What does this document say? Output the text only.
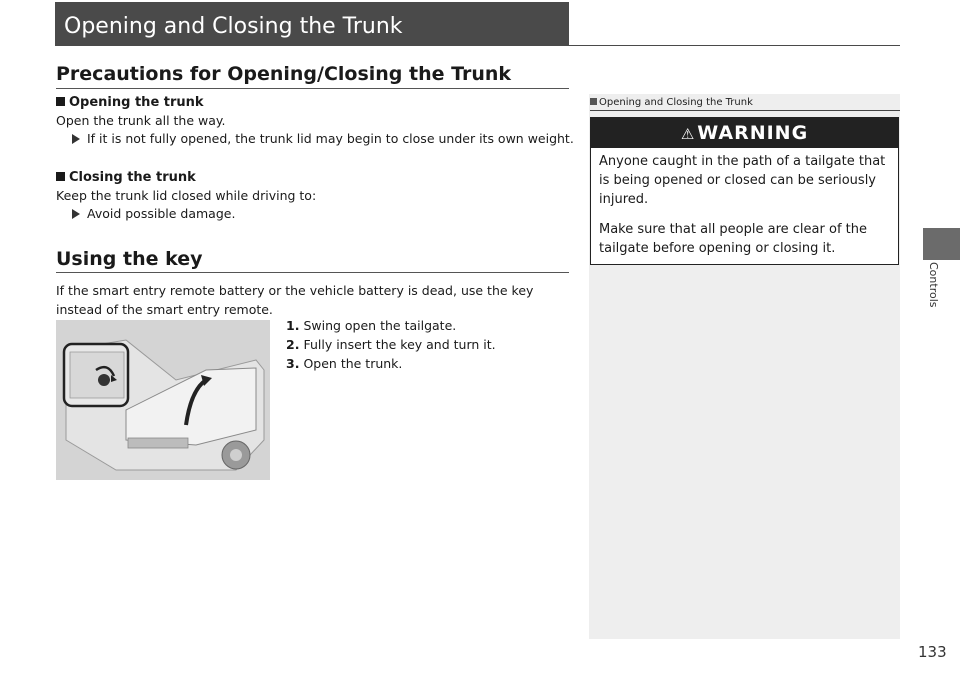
Opening and Closing the Trunk
Precautions for Opening/Closing the Trunk
Opening the trunk
Open the trunk all the way.
If it is not fully opened, the trunk lid may begin to close under its own weight.
Closing the trunk
Keep the trunk lid closed while driving to:
Avoid possible damage.
Using the key
If the smart entry remote battery or the vehicle battery is dead, use the key instead of the smart entry remote.
1. Swing open the tailgate.
2. Fully insert the key and turn it.
3. Open the trunk.
Opening and Closing the Trunk
⚠ WARNING
Anyone caught in the path of a tailgate that is being opened or closed can be seriously injured.
Make sure that all people are clear of the tailgate before opening or closing it.
Controls
133
